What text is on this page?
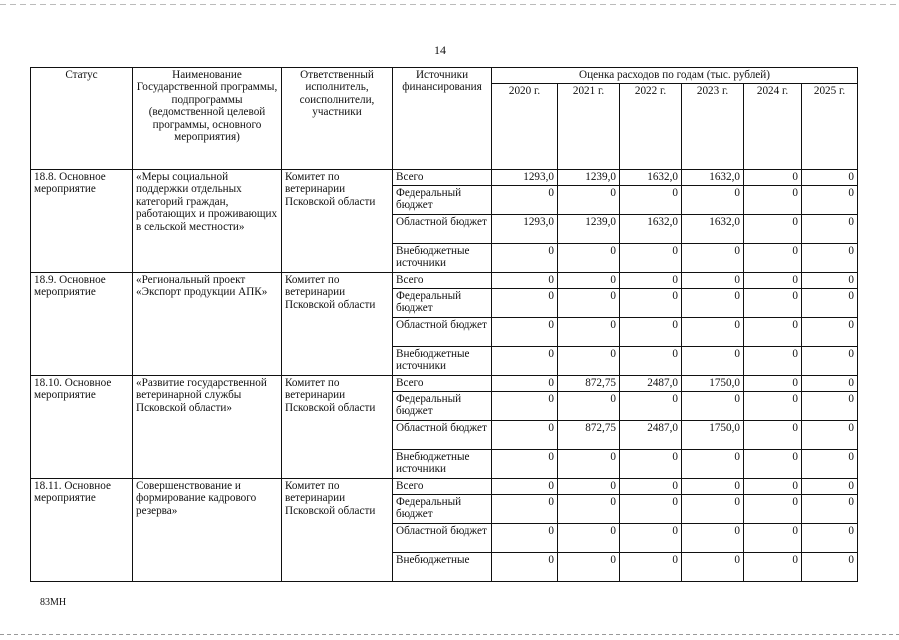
14
Статус	Наименование Государственной программы, подпрограммы (ведомственной целевой программы, основного мероприятия)	Ответственный исполнитель, соисполнители, участники	Источники финансирования	Оценка расходов по годам (тыс. рублей)					
				2020 г.	2021 г.	2022 г.	2023 г.	2024 г.	2025 г.
18.8. Основное мероприятие	«Меры социальной поддержки отдельных категорий граждан, работающих и проживающих в сельской местности»	Комитет по ветеринарии Псковской области	Всего	1293,0	1239,0	1632,0	1632,0	0	0
			Федеральный бюджет	0	0	0	0	0	0
			Областной бюджет	1293,0	1239,0	1632,0	1632,0	0	0
			Внебюджетные источники	0	0	0	0	0	0
18.9. Основное мероприятие	«Региональный проект «Экспорт продукции АПК»	Комитет по ветеринарии Псковской области	Всего	0	0	0	0	0	0
			Федеральный бюджет	0	0	0	0	0	0
			Областной бюджет	0	0	0	0	0	0
			Внебюджетные источники	0	0	0	0	0	0
18.10. Основное мероприятие	«Развитие государственной ветеринарной службы Псковской области»	Комитет по ветеринарии Псковской области	Всего	0	872,75	2487,0	1750,0	0	0
			Федеральный бюджет	0	0	0	0	0	0
			Областной бюджет	0	872,75	2487,0	1750,0	0	0
			Внебюджетные источники	0	0	0	0	0	0
18.11. Основное мероприятие	Совершенствование и формирование кадрового резерва»	Комитет по ветеринарии Псковской области	Всего	0	0	0	0	0	0
			Федеральный бюджет	0	0	0	0	0	0
			Областной бюджет	0	0	0	0	0	0
			Внебюджетные	0	0	0	0	0	0
83МН
